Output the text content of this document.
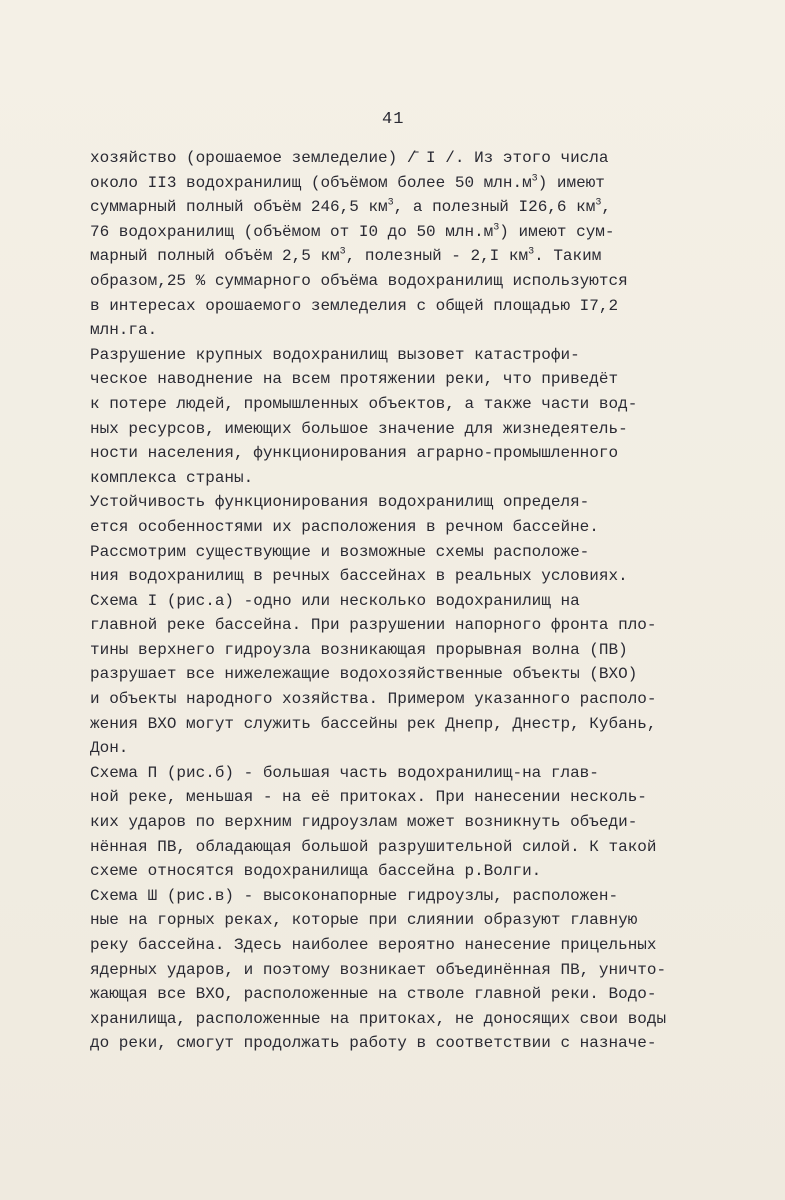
41
хозяйство (орошаемое земледелие) /̄ I /. Из этого числа
около II3 водохранилищ (объёмом более 50 $млн.м^3$) имеют
суммарный полный объём 246,5 $км^3$, а полезный I26,6 $км^3$,
76 водохранилищ (объёмом от I0 до 50 $млн.м^3$) имеют сум-
марный полный объём 2,5 $км^3$, полезный - 2,I $км^3$. Таким
образом,25 % суммарного объёма водохранилищ используются
в интересах орошаемого земледелия с общей площадью I7,2
млн.га.
Разрушение крупных водохранилищ вызовет катастрофи-
ческое наводнение на всем протяжении реки, что приведёт
к потере людей, промышленных объектов, а также части вод-
ных ресурсов, имеющих большое значение для жизнедеятель-
ности населения, функционирования аграрно-промышленного
комплекса страны.
Устойчивость функционирования водохранилищ определя-
ется особенностями их расположения в речном бассейне.
Рассмотрим существующие и возможные схемы расположе-
ния водохранилищ в речных бассейнах в реальных условиях.
Схема I (рис.а) -одно или несколько водохранилищ на
главной реке бассейна. При разрушении напорного фронта пло-
тины верхнего гидроузла возникающая прорывная волна (ПВ)
разрушает все нижележащие водохозяйственные объекты (ВХО)
и объекты народного хозяйства. Примером указанного располо-
жения ВХО могут служить бассейны рек Днепр, Днестр, Кубань,
Дон.
Схема П (рис.б) - большая часть водохранилищ-на глав-
ной реке, меньшая - на её притоках. При нанесении несколь-
ких ударов по верхним гидроузлам может возникнуть объеди-
нённая ПВ, обладающая большой разрушительной силой. К такой
схеме относятся водохранилища бассейна р.Волги.
Схема Ш (рис.в) - высоконапорные гидроузлы, расположен-
ные на горных реках, которые при слиянии образуют главную
реку бассейна. Здесь наиболее вероятно нанесение прицельных
ядерных ударов, и поэтому возникает объединённая ПВ, уничто-
жающая все ВХО, расположенные на стволе главной реки. Водо-
хранилища, расположенные на притоках, не доносящих свои воды
до реки, смогут продолжать работу в соответствии с назначе-
